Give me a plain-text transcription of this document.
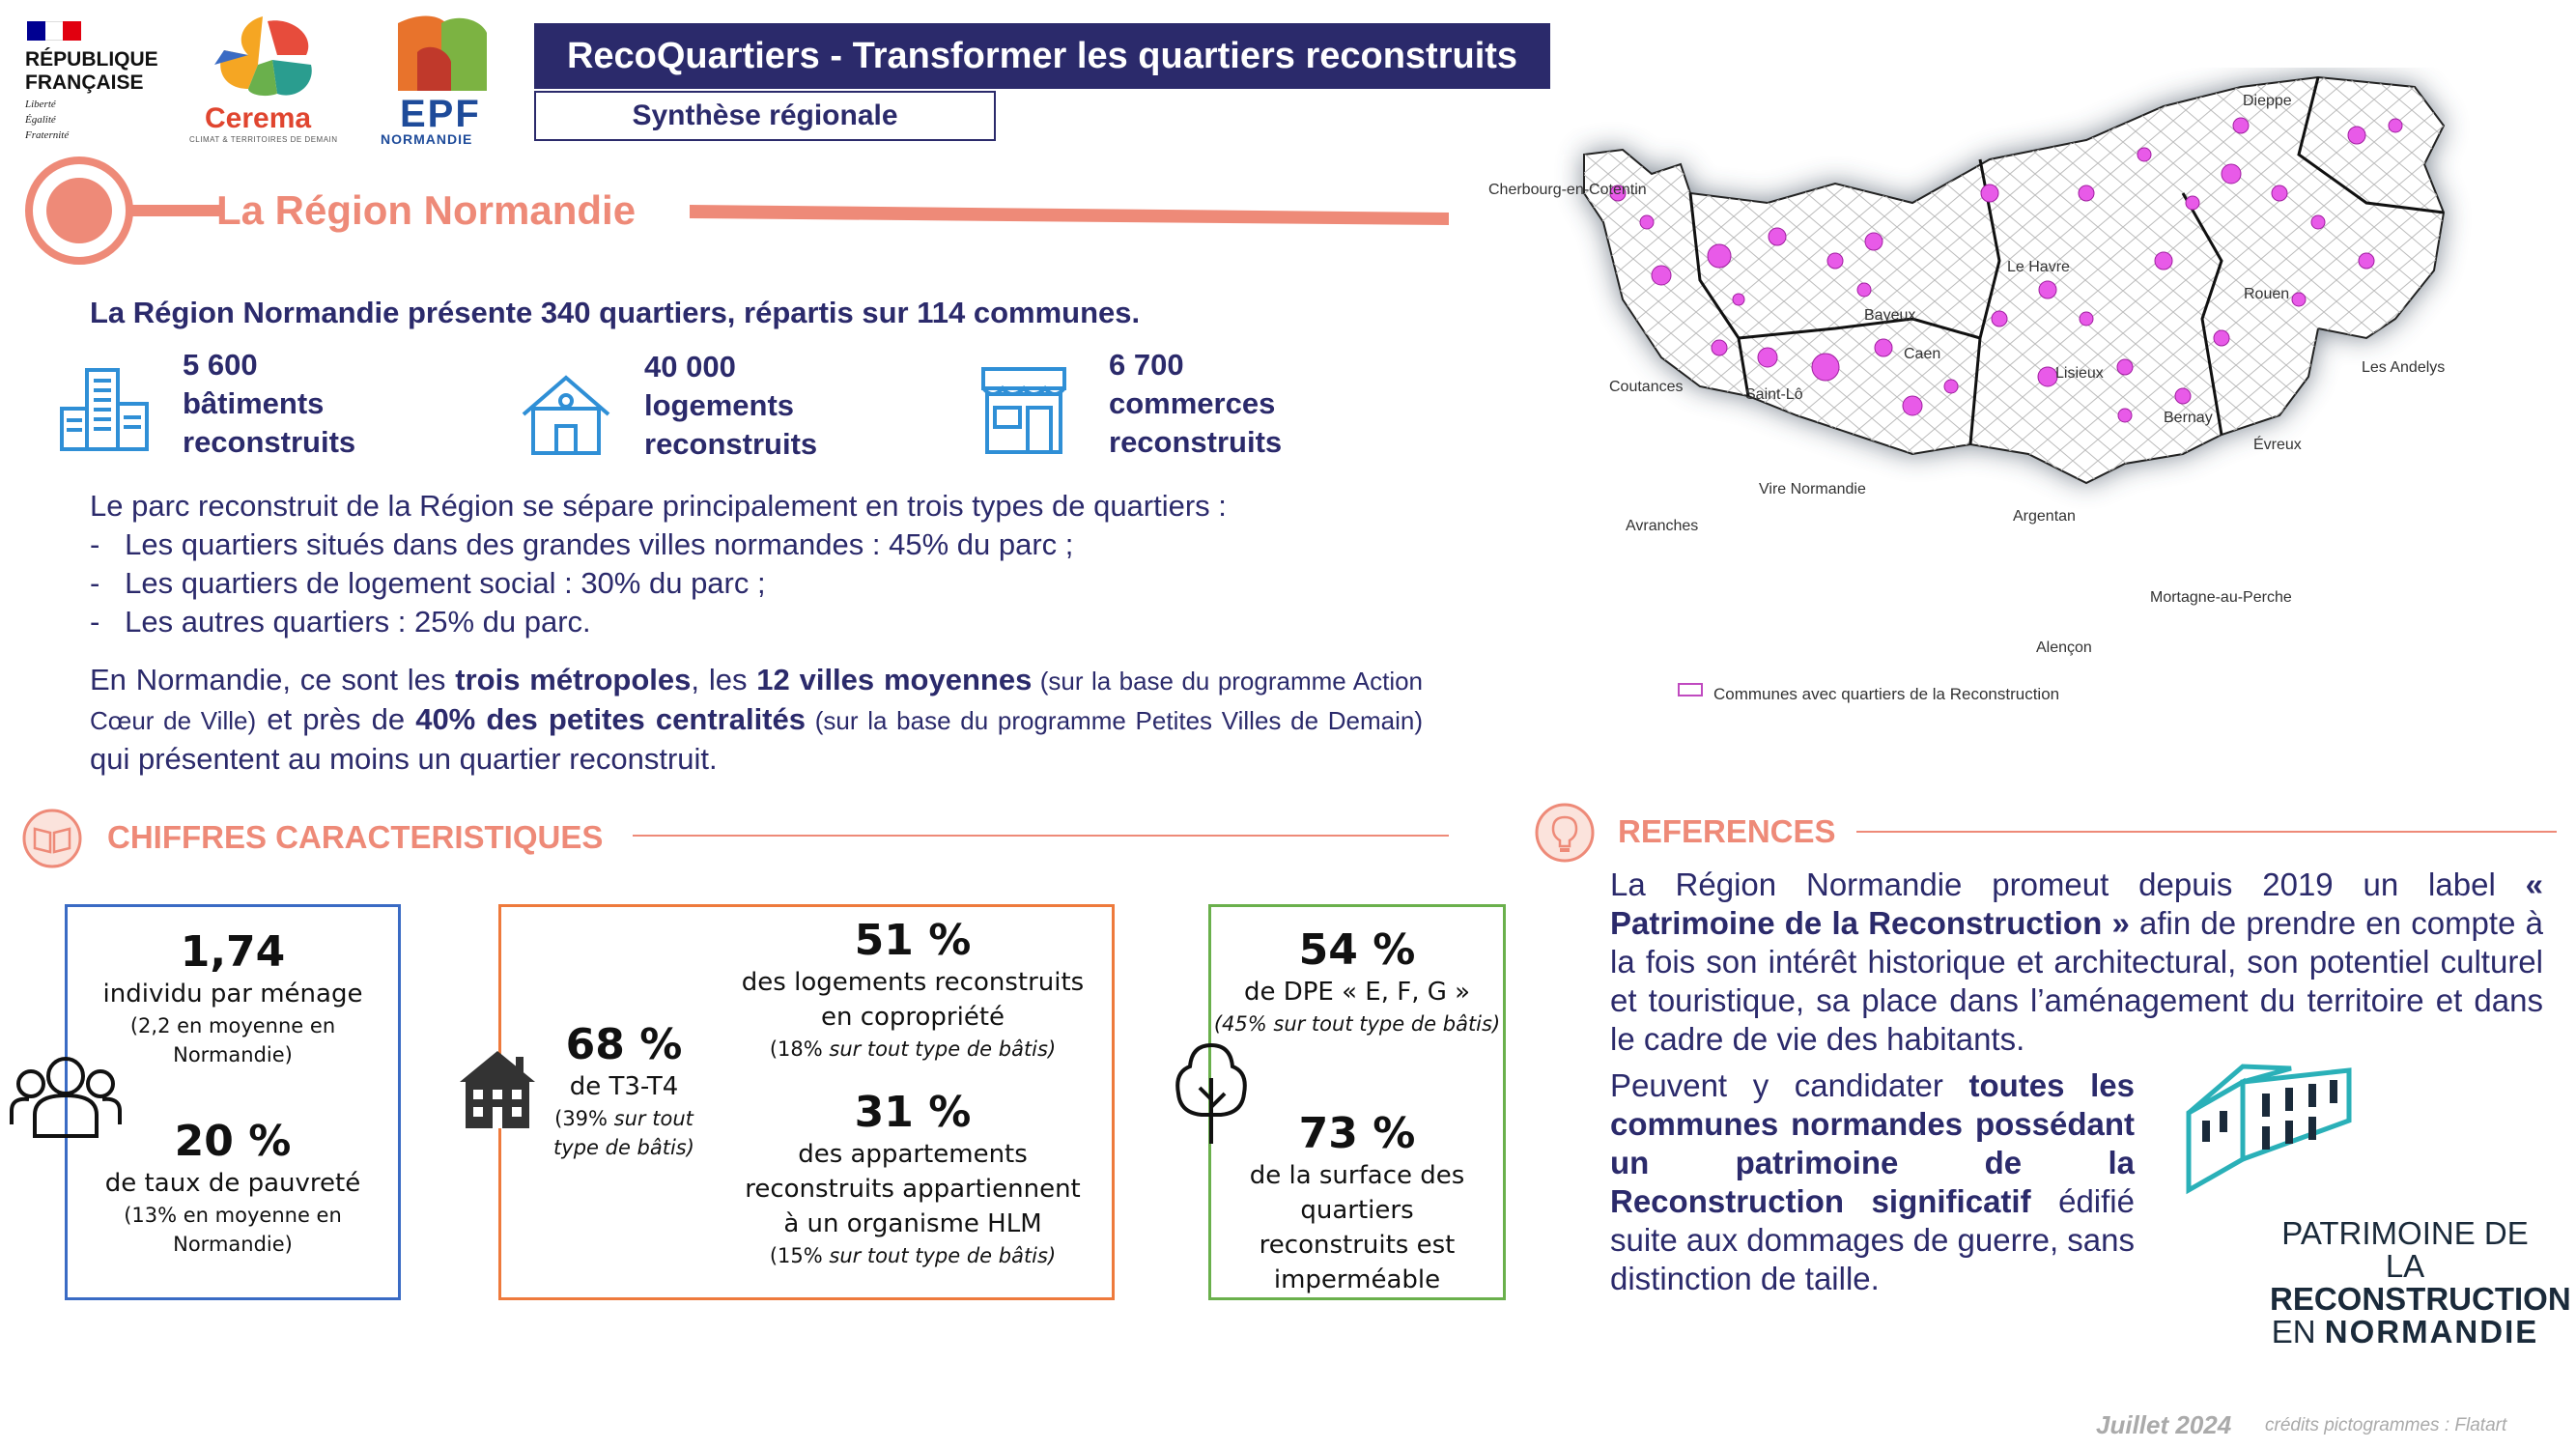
RÉPUBLIQUE
FRANÇAISE
Liberté
Égalité
Fraternité
Cerema
CLIMAT & TERRITOIRES DE DEMAIN
EPF
NORMANDIE
RecoQuartiers - Transformer les quartiers reconstruits
Synthèse régionale
La Région Normandie
La Région Normandie présente 340 quartiers, répartis sur 114 communes.
5 600
bâtiments
reconstruits
40 000
logements
reconstruits
6 700
commerces
reconstruits
Le parc reconstruit de la Région se sépare principalement en trois types de quartiers :
-   Les quartiers situés dans des grandes villes normandes : 45% du parc ;
-   Les quartiers de logement social : 30% du parc ;
-   Les autres quartiers : 25% du parc.
En Normandie, ce sont les trois métropoles, les 12 villes moyennes (sur la base du programme Action Cœur de Ville) et près de 40% des petites centralités (sur la base du programme Petites Villes de Demain) qui présentent au moins un quartier reconstruit.
Communes avec quartiers de la Reconstruction
Dieppe
Cherbourg-en-Cotentin
Le Havre
Rouen
Bayeux
Caen
Lisieux	Les Andelys
Coutances	Saint-Lô
Bernay
Évreux
Vire Normandie
Avranches
Argentan
Mortagne-au-Perche
Alençon
CHIFFRES CARACTERISTIQUES
1,74
individu par ménage
(2,2 en moyenne en
Normandie)
20 %
de taux de pauvreté
(13% en moyenne en
Normandie)
68 %
de T3-T4
(39% sur tout
type de bâtis)
51 %
des logements reconstruits
en copropriété
(18% sur tout type de bâtis)
31 %
des appartements
reconstruits appartiennent
à un organisme HLM
(15% sur tout type de bâtis)
54 %
de DPE « E, F, G »
(45% sur tout type de bâtis)
73 %
de la surface des
quartiers
reconstruits est
imperméable
REFERENCES
La Région Normandie promeut depuis 2019 un label « Patrimoine de la Reconstruction » afin de prendre en compte à la fois son intérêt historique et architectural, son potentiel culturel et touristique, sa place dans l’aménagement du territoire et dans le cadre de vie des habitants.
Peuvent y candidater toutes les communes normandes possédant un patrimoine de la Reconstruction significatif édifié suite aux dommages de guerre, sans distinction de taille.
PATRIMOINE DE LA
RECONSTRUCTION
EN NORMANDIE
Juillet 2024 crédits pictogrammes : Flatart
